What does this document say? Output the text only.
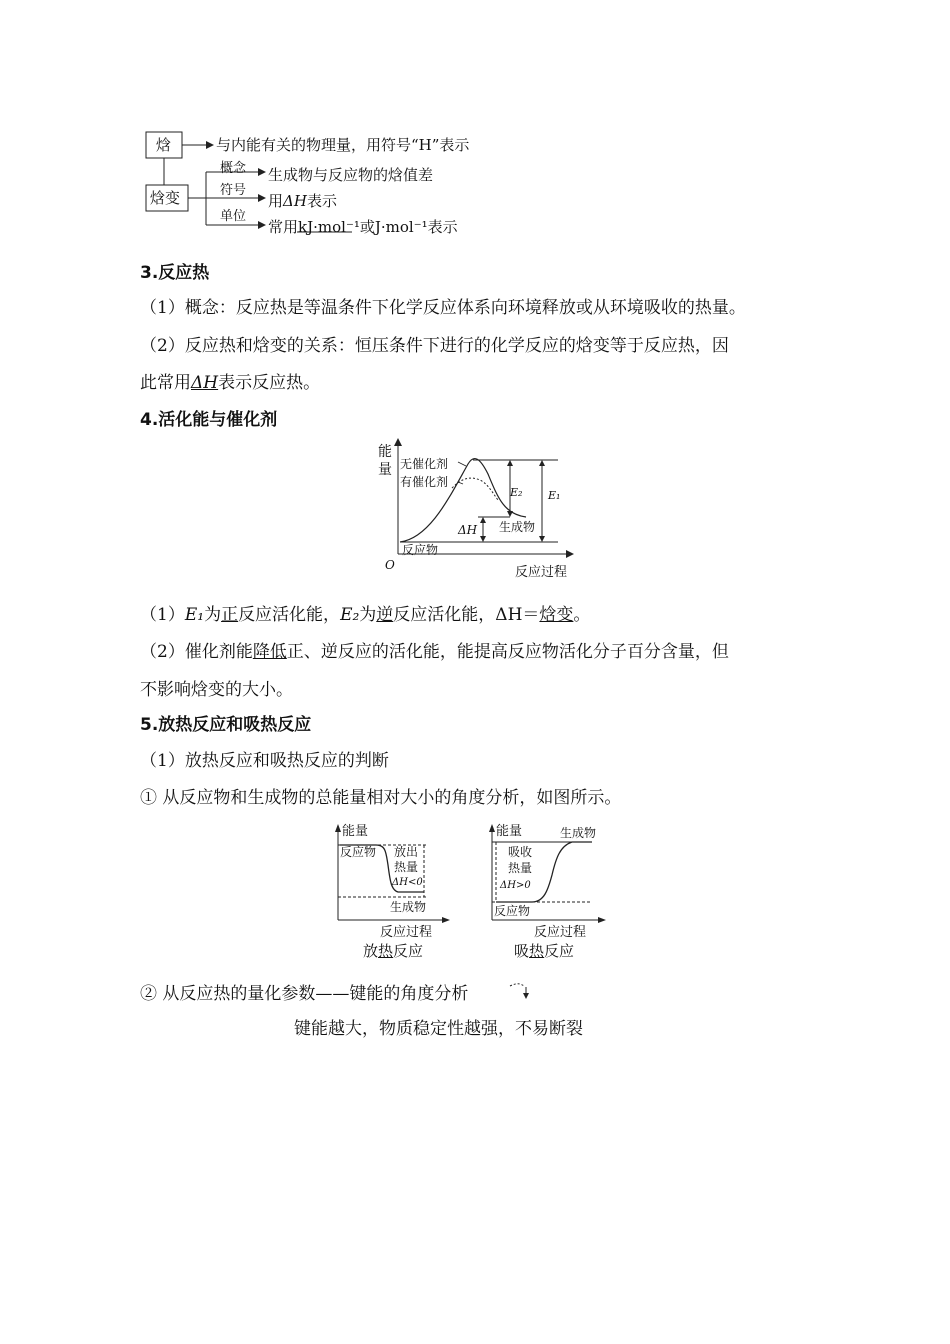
焓	与内能有关的物理量，用符号“H”表示
焓变
概念
符号
单位
生成物与反应物的焓值差
用ΔH表示
常用kJ·mol⁻¹或J·mol⁻¹表示
3.反应热
（1）概念：反应热是等温条件下化学反应体系向环境释放或从环境吸收的热量。
（2）反应热和焓变的关系：恒压条件下进行的化学反应的焓变等于反应热，因
此常用ΔH表示反应热。
4.活化能与催化剂
能
量 无催化剂
有催化剂
E₂ E₁
ΔH 生成物
反应物
O	反应过程
（1）E₁为正反应活化能，E₂为逆反应活化能，ΔH＝焓变。
（2）催化剂能降低正、逆反应的活化能，能提高反应物活化分子百分含量，但
不影响焓变的大小。
5.放热反应和吸热反应
（1）放热反应和吸热反应的判断
① 从反应物和生成物的总能量相对大小的角度分析，如图所示。
能量
反应物 放出
热量
ΔH<0
生成物
反应过程
放热反应
能量	生成物
吸收
热量
ΔH>0
反应物
反应过程
吸热反应
② 从反应热的量化参数——键能的角度分析
键能越大，物质稳定性越强，不易断裂
